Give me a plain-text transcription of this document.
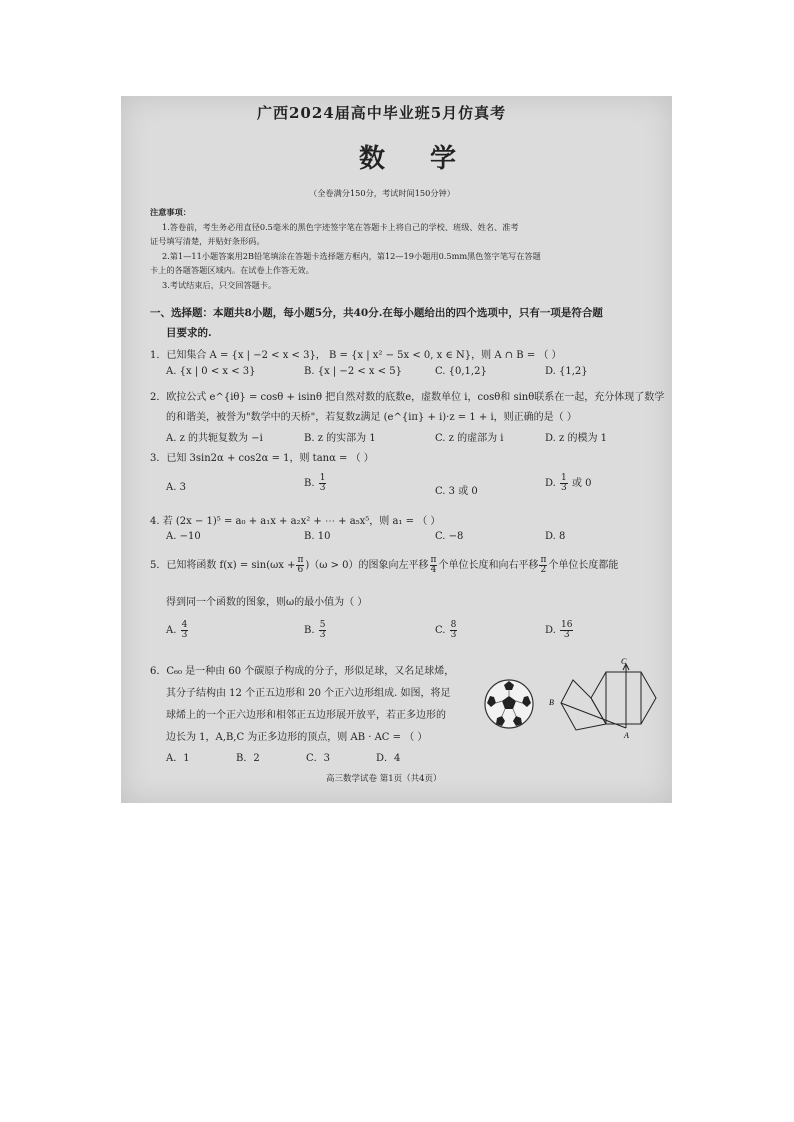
广西2024届高中毕业班5月仿真考
数 学
（全卷满分150分，考试时间150分钟）
注意事项：
1.答卷前，考生务必用直径0.5毫米的黑色字迹签字笔在答题卡上将自己的学校、班级、姓名、准考
证号填写清楚，并贴好条形码。
2.第1—11小题答案用2B铅笔填涂在答题卡选择题方框内，第12—19小题用0.5mm黑色签字笔写在答题
卡上的各题答题区域内。在试卷上作答无效。
3.考试结束后，只交回答题卡。
一、选择题：本题共8小题，每小题5分，共40分.在每小题给出的四个选项中，只有一项是符合题
目要求的.
1．已知集合 A = {x | −2 < x < 3}， B = {x | x² − 5x < 0, x ∈ N}，则 A ∩ B = （ ）
A. {x | 0 < x < 3}	B. {x | −2 < x < 5}	C. {0,1,2}	D. {1,2}
2．欧拉公式 e^{iθ} = cosθ + isinθ 把自然对数的底数e，虚数单位 i，cosθ和 sinθ联系在一起，充分体现了数学
的和谐美，被誉为"数学中的天桥"，若复数z满足 (e^{iπ} + i)·z = 1 + i，则正确的是（ ）
A. z 的共轭复数为 −i	B. z 的实部为 1	C. z 的虚部为 i	D. z 的模为 1
3．已知 3sin2α + cos2α = 1，则 tanα = （ ）
A. 3	B. $\frac{1}{3}$	C. 3 或 0
D. $\frac{1}{3}$ 或 0
4. 若 (2x − 1)⁵ = a₀ + a₁x + a₂x² + ⋯ + a₅x⁵，则 a₁ = （ ）
A. −10	B. 10	C. −8	D. 8
5．已知将函数 $f(x) = \sin(\omega x + \frac{\pi}{6} )(\omega > 0)$的图象向左平移 $\frac{\pi}{4}$ 个单位长度和向右平移 $\frac{\pi}{2}$ 个单位长度都能
得到同一个函数的图象，则ω的最小值为（ ）
A. $\frac{4}{3}$	B. $\frac{5}{3}$	C. $\frac{8}{3}$	D. $\frac{16}{3}$
6．C₆₀ 是一种由 60 个碳原子构成的分子，形似足球，又名足球烯，
其分子结构由 12 个正五边形和 20 个正六边形组成. 如图，将足
球烯上的一个正六边形和相邻正五边形展开放平，若正多边形的
边长为 1，A,B,C 为正多边形的顶点，则 AB · AC = （ ）
A．1	B．2	C．3	D．4
C
B
A
高三数学试卷 第1页（共4页）
